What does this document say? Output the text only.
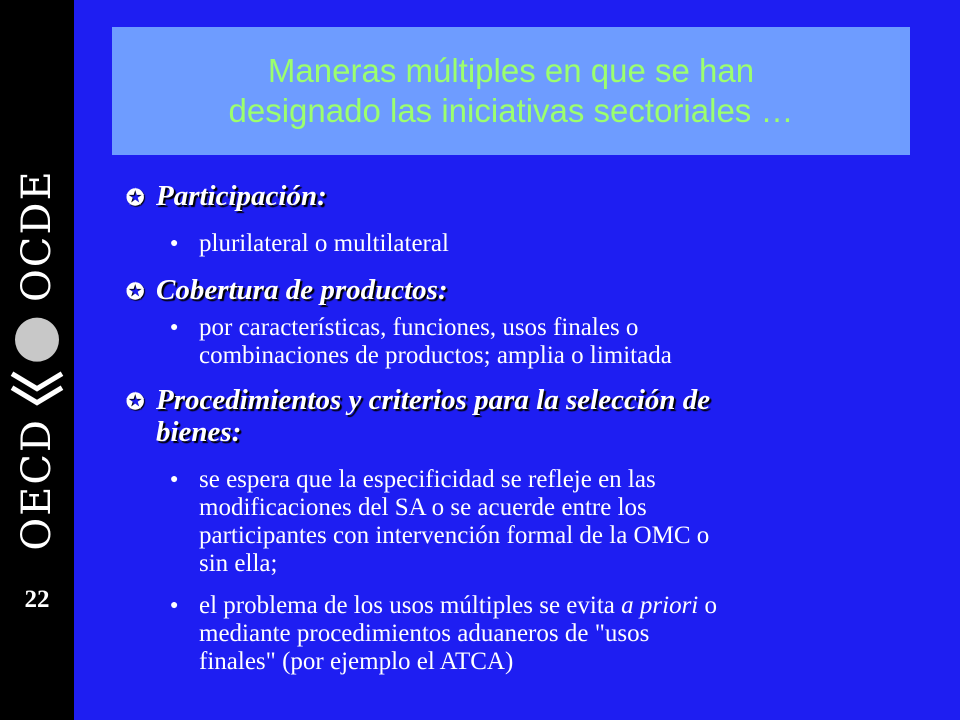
OECD
OCDE
22
Maneras múltiples en que se han
designado las iniciativas sectoriales …
✪ Participación:
● plurilateral o multilateral
✪ Cobertura de productos:
● por características, funciones, usos finales o
combinaciones de productos; amplia o limitada
✪ Procedimientos y criterios para la selección de
bienes:
● se espera que la especificidad se refleje en las
modificaciones del SA o se acuerde entre los
participantes con intervención formal de la OMC o
sin ella;
● el problema de los usos múltiples se evita a priori o
mediante procedimientos aduaneros de "usos
finales" (por ejemplo el ATCA)
